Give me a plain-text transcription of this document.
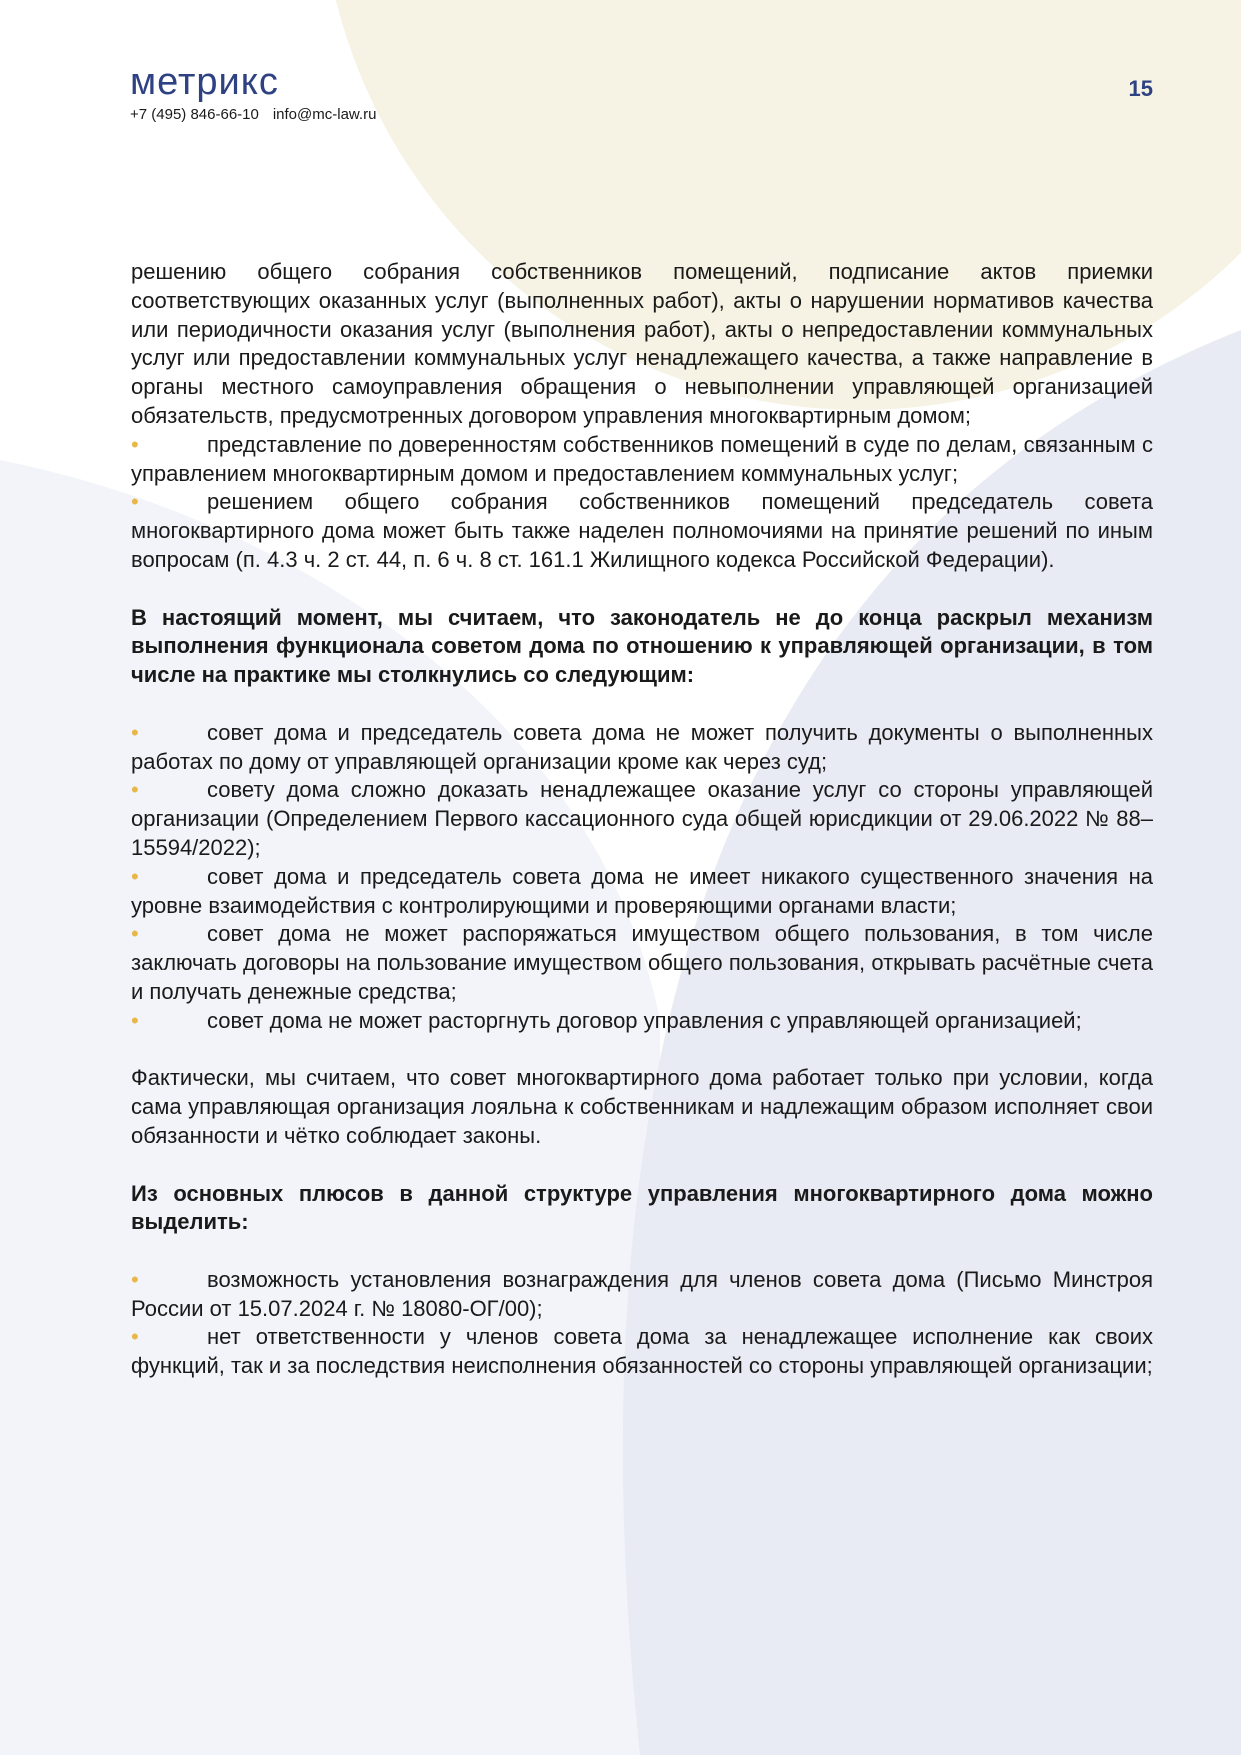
метрикс
+7 (495) 846-66-10 info@mc-law.ru
15

решению общего собрания собственников помещений, подписание актов приемки соответствующих оказанных услуг (выполненных работ), акты о нарушении нормативов качества или периодичности оказания услуг (выполнения работ), акты о непредоставлении коммунальных услуг или предоставлении коммунальных услуг ненадлежащего качества, а также направление в органы местного самоуправления обращения о невыполнении управляющей организацией обязательств, предусмотренных договором управления многоквартирным домом;

•представление по доверенностям собственников помещений в суде по делам, связанным с управлением многоквартирным домом и предоставлением коммунальных услуг;
•решением общего собрания собственников помещений председатель совета многоквартирного дома может быть также наделен полномочиями на принятие решений по иным вопросам (п. 4.3 ч. 2 ст. 44, п. 6 ч. 8 ст. 161.1 Жилищного кодекса Российской Федерации).

В настоящий момент, мы считаем, что законодатель не до конца раскрыл механизм выполнения функционала советом дома по отношению к управляющей организации, в том числе на практике мы столкнулись со следующим:

•совет дома и председатель совета дома не может получить документы о выполненных работах по дому от управляющей организации кроме как через суд;
•совету дома сложно доказать ненадлежащее оказание услуг со стороны управляющей организации (Определением Первого кассационного суда общей юрисдикции от 29.06.2022 № 88–15594/2022);
•совет дома и председатель совета дома не имеет никакого существенного значения на уровне взаимодействия с контролирующими и проверяющими органами власти;
•совет дома не может распоряжаться имуществом общего пользования, в том числе заключать договоры на пользование имуществом общего пользования, открывать расчётные счета и получать денежные средства;
•совет дома не может расторгнуть договор управления с управляющей организацией;

Фактически, мы считаем, что совет многоквартирного дома работает только при условии, когда сама управляющая организация лояльна к собственникам и надлежащим образом исполняет свои обязанности и чётко соблюдает законы.

Из основных плюсов в данной структуре управления многоквартирного дома можно выделить:

•возможность установления вознаграждения для членов совета дома (Письмо Минстроя России от 15.07.2024 г. № 18080-ОГ/00);
•нет ответственности у членов совета дома за ненадлежащее исполнение как своих функций, так и за последствия неисполнения обязанностей со стороны управляющей организации;
